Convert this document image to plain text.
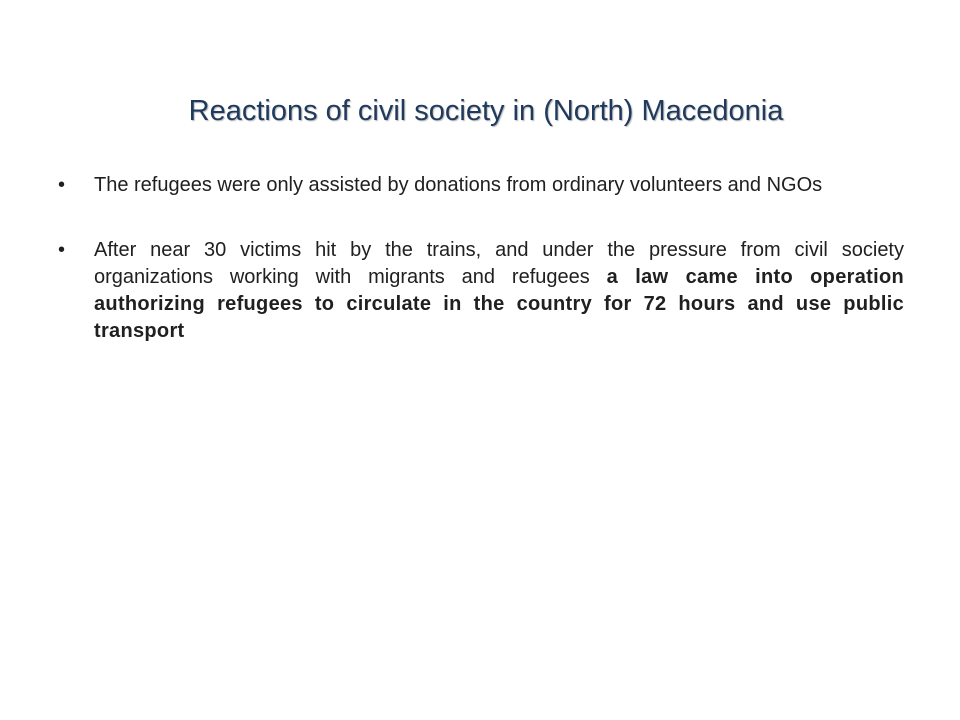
Reactions of civil society in (North) Macedonia
•	The refugees were only assisted by donations from ordinary volunteers and NGOs
•	After near 30 victims hit by the trains, and under the pressure from civil society organizations working with migrants and refugees a law came into operation authorizing refugees to circulate in the country for 72 hours and use public transport
